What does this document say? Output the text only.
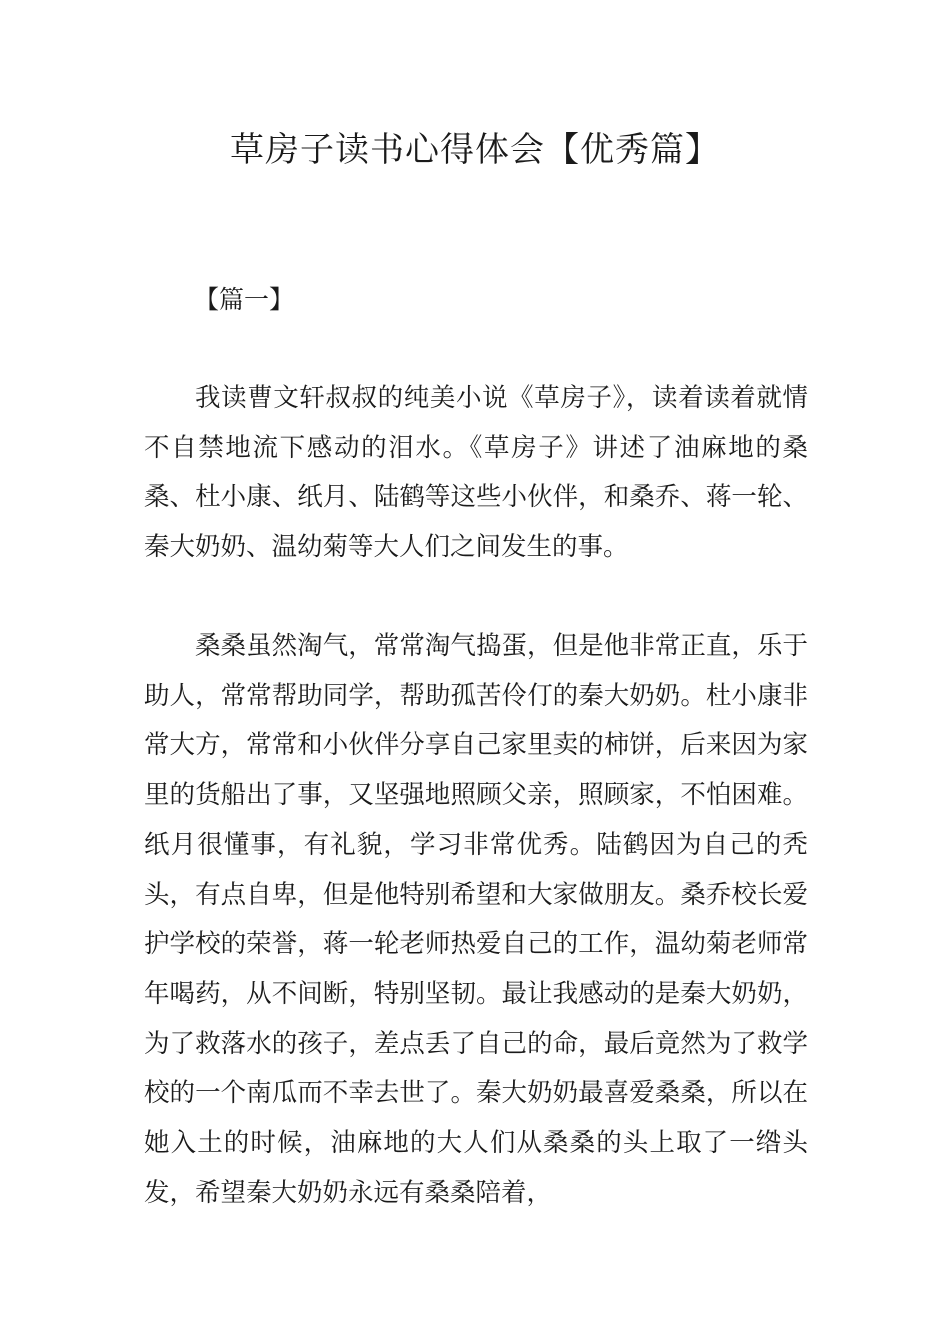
草房子读书心得体会【优秀篇】
【篇一】

我读曹文轩叔叔的纯美小说《草房子》，读着读着就情不自禁地流下感动的泪水。《草房子》讲述了油麻地的桑桑、杜小康、纸月、陆鹤等这些小伙伴，和桑乔、蒋一轮、秦大奶奶、温幼菊等大人们之间发生的事。

桑桑虽然淘气，常常淘气捣蛋，但是他非常正直，乐于助人，常常帮助同学，帮助孤苦伶仃的秦大奶奶。杜小康非常大方，常常和小伙伴分享自己家里卖的柿饼，后来因为家里的货船出了事，又坚强地照顾父亲，照顾家，不怕困难。纸月很懂事，有礼貌，学习非常优秀。陆鹤因为自己的秃头，有点自卑，但是他特别希望和大家做朋友。桑乔校长爱护学校的荣誉，蒋一轮老师热爱自己的工作，温幼菊老师常年喝药，从不间断，特别坚韧。最让我感动的是秦大奶奶，为了救落水的孩子，差点丢了自己的命，最后竟然为了救学校的一个南瓜而不幸去世了。秦大奶奶最喜爱桑桑，所以在她入土的时候，油麻地的大人们从桑桑的头上取了一绺头发，希望秦大奶奶永远有桑桑陪着，
